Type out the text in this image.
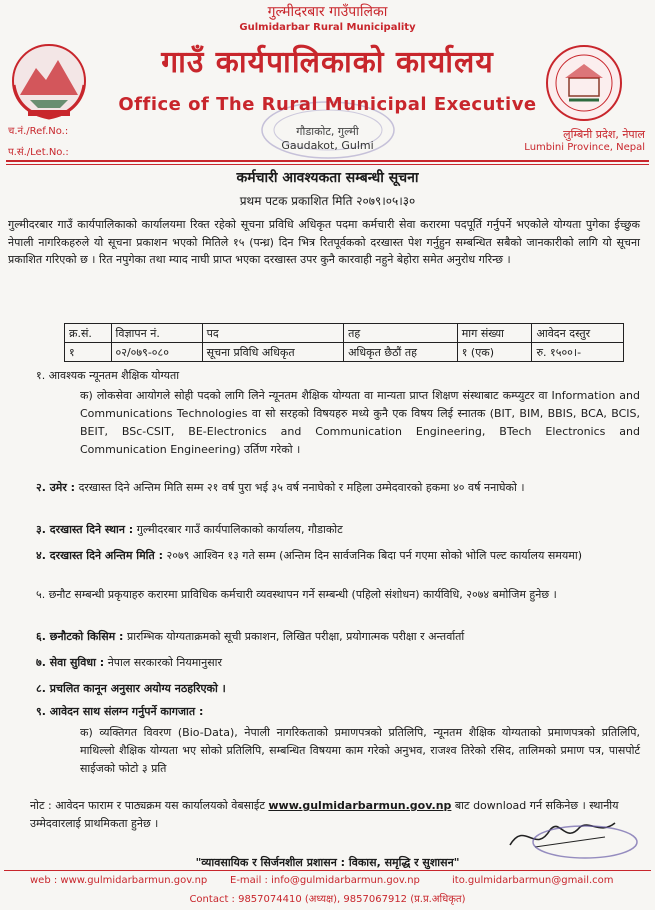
गुल्मीदरबार गाउँपालिका
Gulmidarbar Rural Municipality
गाउँ कार्यपालिकाको कार्यालय
Office of The Rural Municipal Executive
गौडाकोट, गुल्मी
Gaudakot, Gulmi
च.नं./Ref.No.:
प.सं./Let.No.:
लुम्बिनी प्रदेश, नेपाल
Lumbini Province, Nepal
कर्मचारी आवश्यकता सम्बन्धी सूचना
प्रथम पटक प्रकाशित मिति २०७९।०५।३०
गुल्मीदरबार गाउँ कार्यपालिकाको कार्यालयमा रिक्त रहेको सूचना प्रविधि अधिकृत पदमा कर्मचारी सेवा करारमा पदपूर्ति गर्नुपर्ने भएकोले योग्यता पुगेका ईच्छुक नेपाली नागरिकहरुले यो सूचना प्रकाशन भएको मितिले १५ (पन्ध्र) दिन भित्र रितपूर्वकको दरखास्त पेश गर्नुहुन सम्बन्धित सबैको जानकारीको लागि यो सूचना प्रकाशित गरिएको छ । रित नपुगेका तथा म्याद नाघी प्राप्त भएका दरखास्त उपर कुनै कारवाही नहुने बेहोरा समेत अनुरोध गरिन्छ ।
क्र.सं.	विज्ञापन नं.	पद	तह	माग संख्या	आवेदन दस्तुर
१	०२/०७९-०८०	सूचना प्रविधि अधिकृत	अधिकृत छैठौं तह	१ (एक)	रु. १५००।-
१. आवश्यक न्यूनतम शैक्षिक योग्यता
क) लोकसेवा आयोगले सोही पदको लागि लिने न्यूनतम शैक्षिक योग्यता वा मान्यता प्राप्त शिक्षण संस्थाबाट कम्प्युटर वा Information and Communications Technologies वा सो सरहको विषयहरु मध्ये कुनै एक विषय लिई स्नातक (BIT, BIM, BBIS, BCA, BCIS, BEIT, BSc-CSIT, BE-Electronics and Communication Engineering, BTech Electronics and Communication Engineering) उर्तिण गरेको ।
२. उमेर : दरखास्त दिने अन्तिम मिति सम्म २१ वर्ष पुरा भई ३५ वर्ष ननाघेको र महिला उम्मेदवारको हकमा ४० वर्ष ननाघेको ।
३. दरखास्त दिने स्थान : गुल्मीदरबार गाउँ कार्यपालिकाको कार्यालय, गौडाकोट
४. दरखास्त दिने अन्तिम मिति : २०७९ आश्विन १३ गते सम्म (अन्तिम दिन सार्वजनिक बिदा पर्न गएमा सोको भोलि पल्ट कार्यालय समयमा)
५. छनौट सम्बन्धी प्रकृयाहरु करारमा प्राविधिक कर्मचारी व्यवस्थापन गर्ने सम्बन्धी (पहिलो संशोधन) कार्यविधि, २०७४ बमोजिम हुनेछ ।
६. छनौटको किसिम : प्रारम्भिक योग्यताक्रमको सूची प्रकाशन, लिखित परीक्षा, प्रयोगात्मक परीक्षा र अन्तर्वार्ता
७. सेवा सुविधा : नेपाल सरकारको नियमानुसार
८. प्रचलित कानून अनुसार अयोग्य नठहरिएको ।
९. आवेदन साथ संलग्न गर्नुपर्ने कागजात :
क) व्यक्तिगत विवरण (Bio-Data), नेपाली नागरिकताको प्रमाणपत्रको प्रतिलिपि, न्यूनतम शैक्षिक योग्यताको प्रमाणपत्रको प्रतिलिपि, माथिल्लो शैक्षिक योग्यता भए सोको प्रतिलिपि, सम्बन्धित विषयमा काम गरेको अनुभव, राजश्व तिरेको रसिद, तालिमको प्रमाण पत्र, पासपोर्ट साईजको फोटो ३ प्रति
नोट : आवेदन फाराम र पाठ्यक्रम यस कार्यालयको वेबसाईट www.gulmidarbarmun.gov.np बाट download गर्न सकिनेछ । स्थानीय उम्मेदवारलाई प्राथमिकता हुनेछ ।
"व्यावसायिक र सिर्जनशील प्रशासन : विकास, समृद्धि र सुशासन"
web : www.gulmidarbarmun.gov.np E-mail : info@gulmidarbarmun.gov.np	ito.gulmidarbarmun@gmail.com
Contact : 9857074410 (अध्यक्ष), 9857067912 (प्र.प्र.अधिकृत)
